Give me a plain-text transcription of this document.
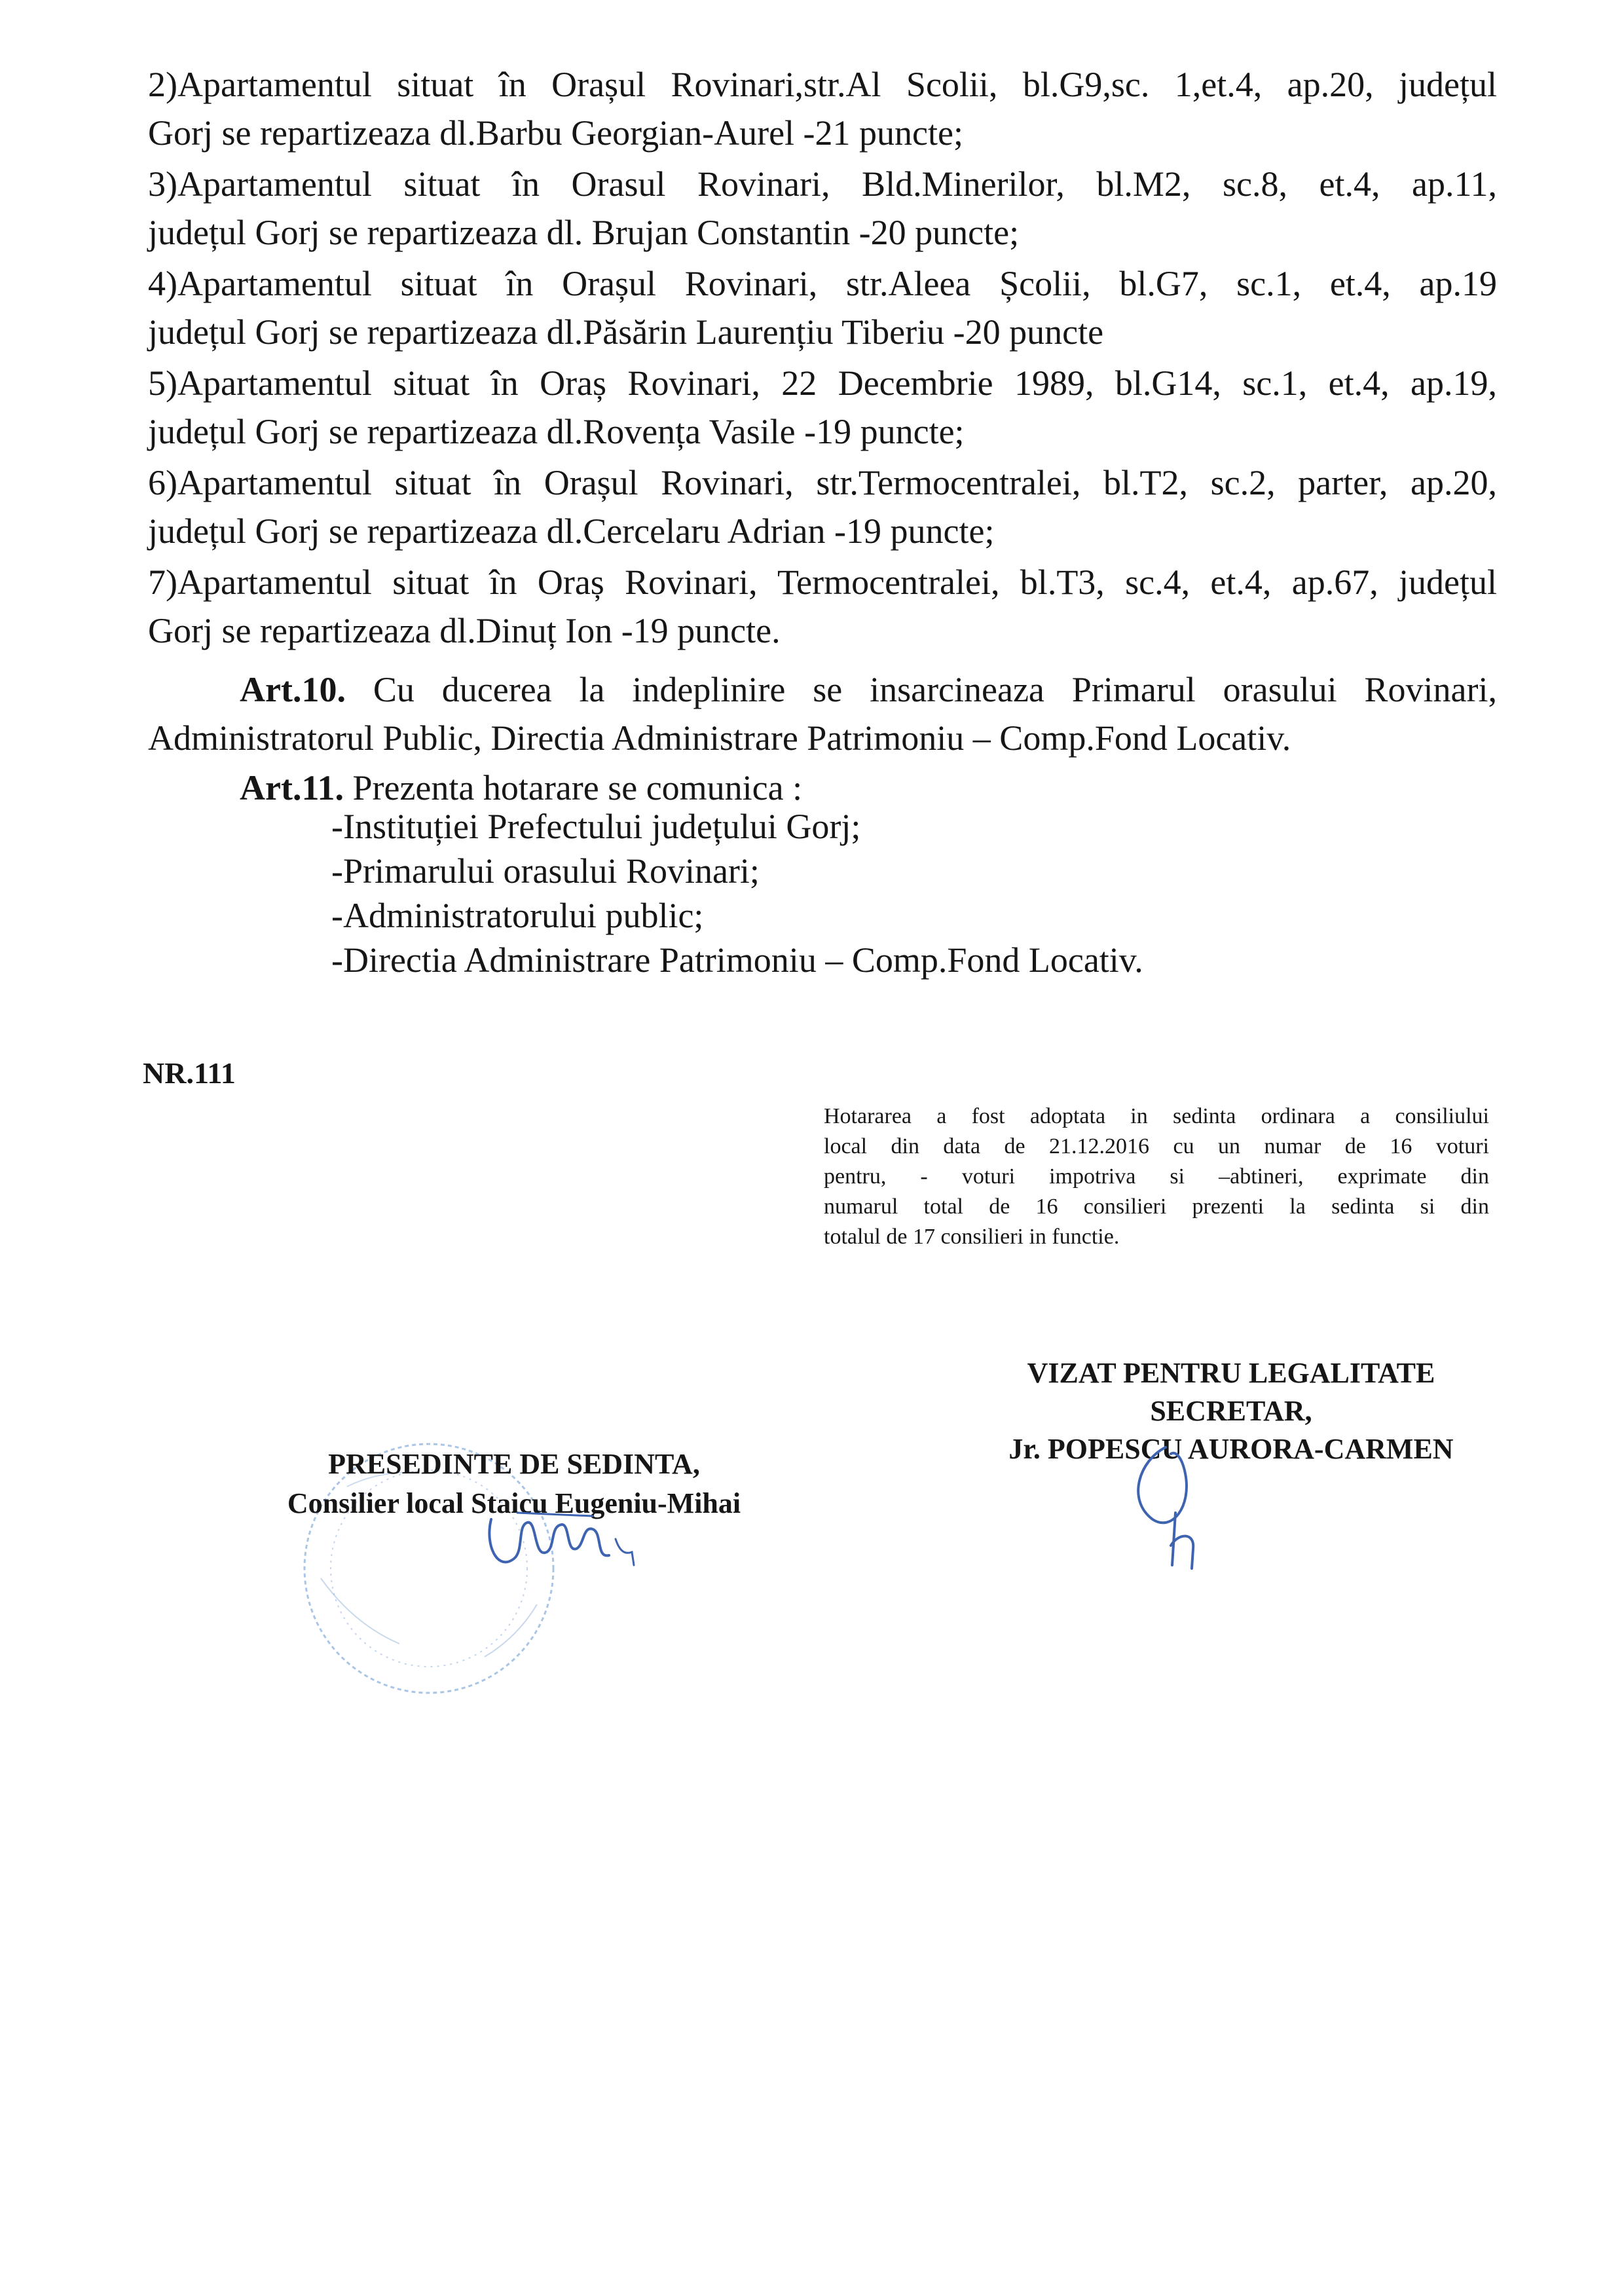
2)Apartamentul situat în Orașul Rovinari,str.Al Scolii, bl.G9,sc. 1,et.4, ap.20, județul
Gorj se repartizeaza dl.Barbu Georgian-Aurel -21 puncte;

3)Apartamentul situat în Orasul Rovinari, Bld.Minerilor, bl.M2, sc.8, et.4, ap.11,
județul Gorj se repartizeaza dl. Brujan Constantin -20 puncte;

4)Apartamentul situat în Orașul Rovinari, str.Aleea Școlii, bl.G7, sc.1, et.4, ap.19
județul Gorj se repartizeaza dl.Păsărin Laurențiu Tiberiu -20 puncte

5)Apartamentul situat în Oraș Rovinari, 22 Decembrie 1989, bl.G14, sc.1, et.4, ap.19,
județul Gorj se repartizeaza dl.Rovența Vasile -19 puncte;

6)Apartamentul situat în Orașul Rovinari, str.Termocentralei, bl.T2, sc.2, parter, ap.20,
județul Gorj se repartizeaza dl.Cercelaru Adrian -19 puncte;

7)Apartamentul situat în Oraș Rovinari, Termocentralei, bl.T3, sc.4, et.4, ap.67, județul
Gorj se repartizeaza dl.Dinuț Ion -19 puncte.

Art.10. Cu ducerea la indeplinire se insarcineaza Primarul orasului Rovinari,
Administratorul Public, Directia Administrare Patrimoniu – Comp.Fond Locativ.
Art.11. Prezenta hotarare se comunica :
-Instituției Prefectului județului Gorj;
-Primarului orasului Rovinari;
-Administratorului public;
-Directia Administrare Patrimoniu – Comp.Fond Locativ.
NR.111
Hotararea a fost adoptata in sedinta ordinara a consiliului
local din data de 21.12.2016 cu un numar de 16 voturi
pentru, - voturi impotriva si –abtineri, exprimate din
numarul total de 16 consilieri prezenti la sedinta si din
totalul de 17 consilieri in functie.
VIZAT PENTRU LEGALITATE
SECRETAR,
Jr. POPESCU AURORA-CARMEN
PRESEDINTE DE SEDINTA,
Consilier local Staicu Eugeniu-Mihai
